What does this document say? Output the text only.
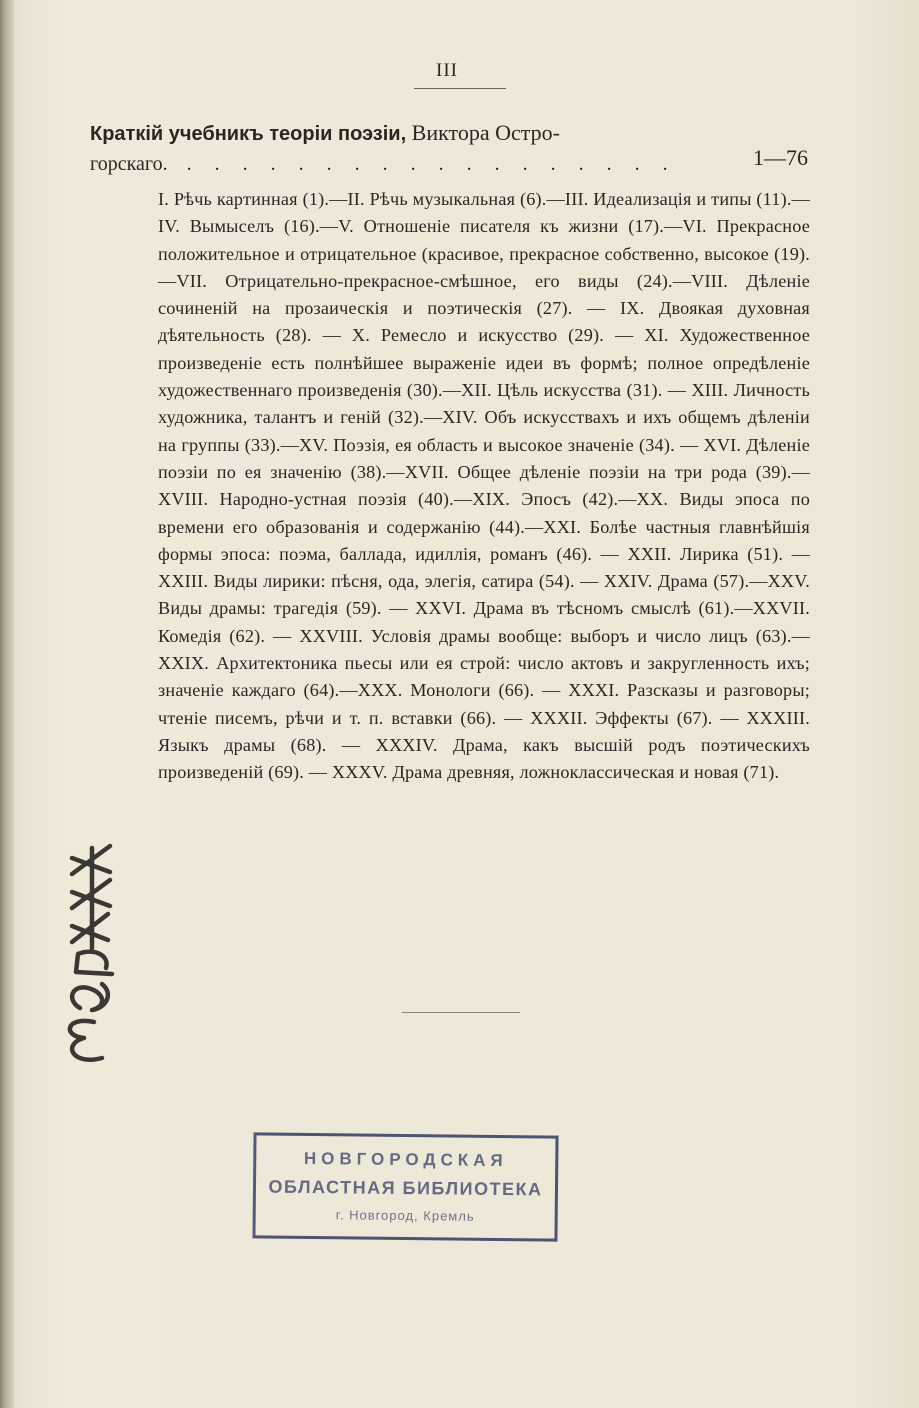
III
Краткій учебникъ теоріи поэзіи, Виктора Остро-
горскаго. . . . . . . . . . . . . . . . . . .	1—76
I. Рѣчь картинная (1).—II. Рѣчь музыкальная (6).—III. Идеализація и типы (11).—IV. Вымыселъ (16).—V. Отношеніе писателя къ жизни (17).—VI. Прекрасное положительное и отрицательное (красивое, прекрасное собственно, высокое (19).—VII. Отрицательно-прекрасное-смѣшное, его виды (24).—VIII. Дѣленіе сочиненій на прозаическія и поэтическія (27). — IX. Двоякая духовная дѣятельность (28). — X. Ремесло и искусство (29). — XI. Художественное произведеніе есть полнѣйшее выраженіе идеи въ формѣ; полное опредѣленіе художественнаго произведенія (30).—XII. Цѣль искусства (31). — XIII. Личность художника, талантъ и геній (32).—XIV. Объ искусствахъ и ихъ общемъ дѣленіи на группы (33).—XV. Поэзія, ея область и высокое значеніе (34). — XVI. Дѣленіе поэзіи по ея значенію (38).—XVII. Общее дѣленіе поэзіи на три рода (39).—XVIII. Народно-устная поэзія (40).—XIX. Эпосъ (42).—XX. Виды эпоса по времени его образованія и содержанію (44).—XXI. Болѣе частныя главнѣйшія формы эпоса: поэма, баллада, идиллія, романъ (46). — XXII. Лирика (51). — XXIII. Виды лирики: пѣсня, ода, элегія, сатира (54). — XXIV. Драма (57).—XXV. Виды драмы: трагедія (59). — XXVI. Драма въ тѣсномъ смыслѣ (61).—XXVII. Комедія (62). — XXVIII. Условія драмы вообще: выборъ и число лицъ (63).—XXIX. Архитектоника пьесы или ея строй: число актовъ и закругленность ихъ; значеніе каждаго (64).—XXX. Монологи (66). — XXXI. Разсказы и разговоры; чтеніе писемъ, рѣчи и т. п. вставки (66). — XXXII. Эффекты (67). — XXXIII. Языкъ драмы (68). — XXXIV. Драма, какъ высшій родъ поэтическихъ произведеній (69). — XXXV. Драма древняя, ложноклассическая и новая (71).
НОВГОРОДСКАЯ
ОБЛАСТНАЯ БИБЛИОТЕКА
г. Новгород, Кремль
